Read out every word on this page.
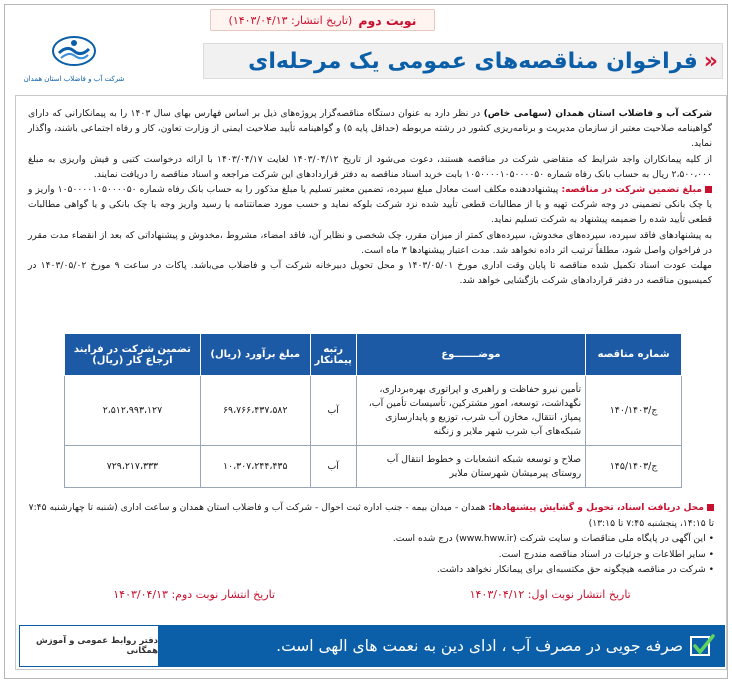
نوبت دوم
(تاریخ انتشار: ۱۴۰۳/۰۴/۱۳)
شرکت آب و فاضلاب استان همدان
«
فراخوان مناقصه‌های عمومی یک مرحله‌ای

شرکت آب و فاضلاب استان همدان (سهامی خاص) در نظر دارد به عنوان دستگاه مناقصه‌گزار پروژه‌های ذیل بر اساس فهارس بهای سال ۱۴۰۳ را به پیمانکارانی که دارای گواهینامه صلاحیت معتبر از سازمان مدیریت و برنامه‌ریزی کشور در رشته مربوطه (حداقل پایه ۵) و گواهینامه تأیید صلاحیت ایمنی از وزارت تعاون، کار و رفاه اجتماعی باشند، واگذار نماید.

از کلیه پیمانکاران واجد شرایط که متقاضی شرکت در مناقصه هستند، دعوت می‌شود از تاریخ ۱۴۰۳/۰۴/۱۲ لغایت ۱۴۰۳/۰۴/۱۷ با ارائه درخواست کتبی و فیش واریزی به مبلغ ۲،۵۰۰،۰۰۰ ریال به حساب بانک رفاه شماره ۱۰۵۰۰۰۰۱۰۵۰۰۰۰۵۰ بابت خرید اسناد مناقصه به دفتر قراردادهای این شرکت مراجعه و اسناد مناقصه را دریافت نمایند.

مبلغ تضمین شرکت در مناقصه: پیشنهاددهنده مکلف است معادل مبلغ سپرده، تضمین معتبر تسلیم یا مبلغ مذکور را به حساب بانک رفاه شماره ۱۰۵۰۰۰۰۱۰۵۰۰۰۰۵۰ واریز و یا چک بانکی تضمینی در وجه شرکت تهیه و یا از مطالبات قطعی تأیید شده نزد شرکت بلوکه نماید و حسب مورد ضمانتنامه یا رسید واریز وجه یا چک بانکی و یا گواهی مطالبات قطعی تأیید شده را ضمیمه پیشنهاد به شرکت تسلیم نماید.

به پیشنهادهای فاقد سپرده، سپرده‌های مخدوش، سپرده‌های کمتر از میزان مقرر، چک شخصی و نظایر آن، فاقد امضاء، مشروط ،مخدوش و پیشنهاداتی که بعد از انقضاء مدت مقرر در فراخوان واصل شود، مطلقاً ترتیب اثر داده نخواهد شد. مدت اعتبار پیشنهادها ۳ ماه است.

مهلت عودت اسناد تکمیل شده مناقصه تا پایان وقت اداری مورخ ۱۴۰۳/۰۵/۰۱ و محل تحویل دبیرخانه شرکت آب و فاضلاب می‌باشد. پاکات در ساعت ۹ مورخ ۱۴۰۳/۰۵/۰۲ در کمیسیون مناقصه در دفتر قراردادهای شرکت بازگشایی خواهد شد.

شماره مناقصه	موضـــــــوع	رتبه پیمانکار	مبلغ برآورد (ریال)	تضمین شرکت در فرایند ارجاع کار (ریال)
ج/۱۴۰/۱۴۰۳	تأمین نیرو حفاظت و راهبری و اپراتوری بهره‌برداری، نگهداشت، توسعه، امور مشترکین، تأسیسات تأمین آب، پمپاژ، انتقال، مخازن آب شرب، توزیع و پایدارسازی شبکه‌های آب شرب شهر ملایر و زنگنه	آب	۶۹،۷۶۶،۴۳۷،۵۸۲	۲،۵۱۲،۹۹۳،۱۲۷
ج/۱۴۵/۱۴۰۳	صلاح و توسعه شبکه انشعابات و خطوط انتقال آب روستای پیرمیشان شهرستان ملایر	آب	۱۰،۳۰۷،۲۴۴،۴۳۵	۷۲۹،۲۱۷،۳۳۳
محل دریافت اسناد، تحویل و گشایش پیشنهادها: همدان - میدان بیمه - جنب اداره ثبت احوال - شرکت آب و فاضلاب استان همدان و ساعت اداری (شنبه تا چهارشنبه ۷:۴۵ تا ۱۴:۱۵، پنجشنبه ۷:۴۵ تا ۱۳:۱۵)
• این آگهی در پایگاه ملی مناقصات و سایت شرکت (www.hww.ir) درج شده است.
• سایر اطلاعات و جزئیات در اسناد مناقصه مندرج است.
• شرکت در مناقصه هیچگونه حق مکتسبه‌ای برای پیمانکار نخواهد داشت.
تاریخ انتشار نوبت اول: ۱۴۰۳/۰۴/۱۲
تاریخ انتشار نوبت دوم: ۱۴۰۳/۰۴/۱۳
صرفه جویی در مصرف آب ، ادای دین به نعمت های الهی است.
دفتر روابط عمومی و آموزش همگانی
